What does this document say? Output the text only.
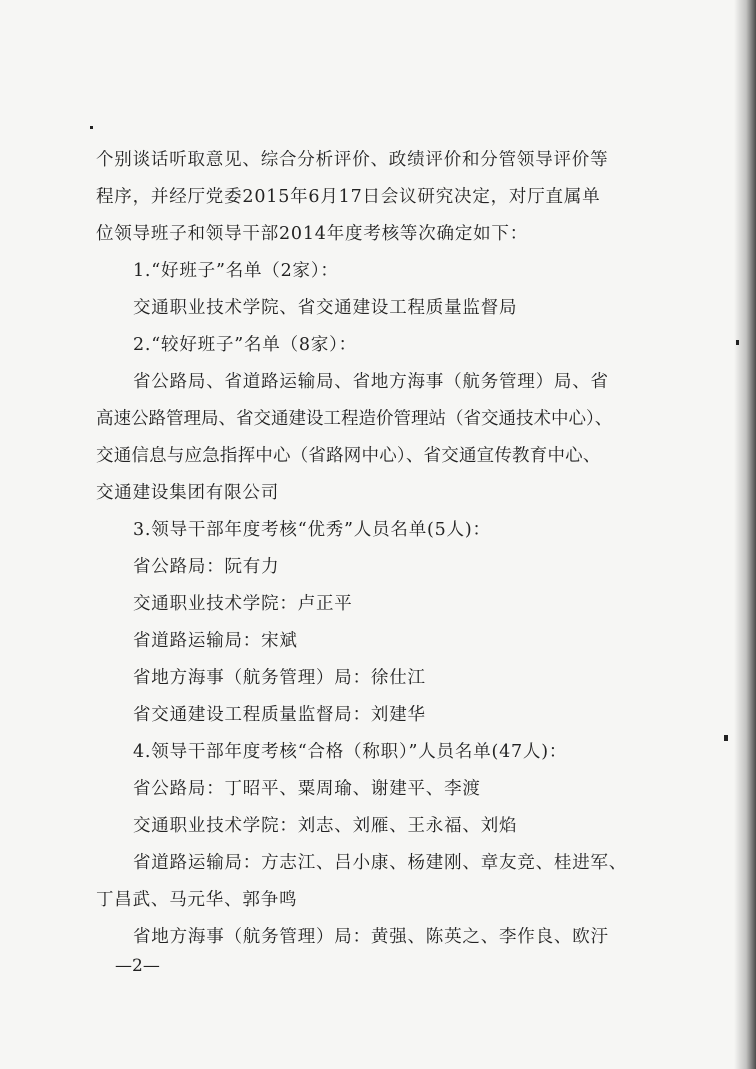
个别谈话听取意见、综合分析评价、政绩评价和分管领导评价等
程序，并经厅党委2015年6月17日会议研究决定，对厅直属单
位领导班子和领导干部2014年度考核等次确定如下：
1.“好班子”名单（2家）：
交通职业技术学院、省交通建设工程质量监督局
2.“较好班子”名单（8家）：
省公路局、省道路运输局、省地方海事（航务管理）局、省
高速公路管理局、省交通建设工程造价管理站（省交通技术中心）、
交通信息与应急指挥中心（省路网中心）、省交通宣传教育中心、
交通建设集团有限公司
3.领导干部年度考核“优秀”人员名单(5人)：
省公路局：阮有力
交通职业技术学院：卢正平
省道路运输局：宋斌
省地方海事（航务管理）局：徐仕江
省交通建设工程质量监督局：刘建华
4.领导干部年度考核“合格（称职）”人员名单(47人)：
省公路局：丁昭平、粟周瑜、谢建平、李渡
交通职业技术学院：刘志、刘雁、王永福、刘焰
省道路运输局：方志江、吕小康、杨建刚、章友竞、桂进军、
丁昌武、马元华、郭争鸣
省地方海事（航务管理）局：黄强、陈英之、李作良、欧汙
—2—
